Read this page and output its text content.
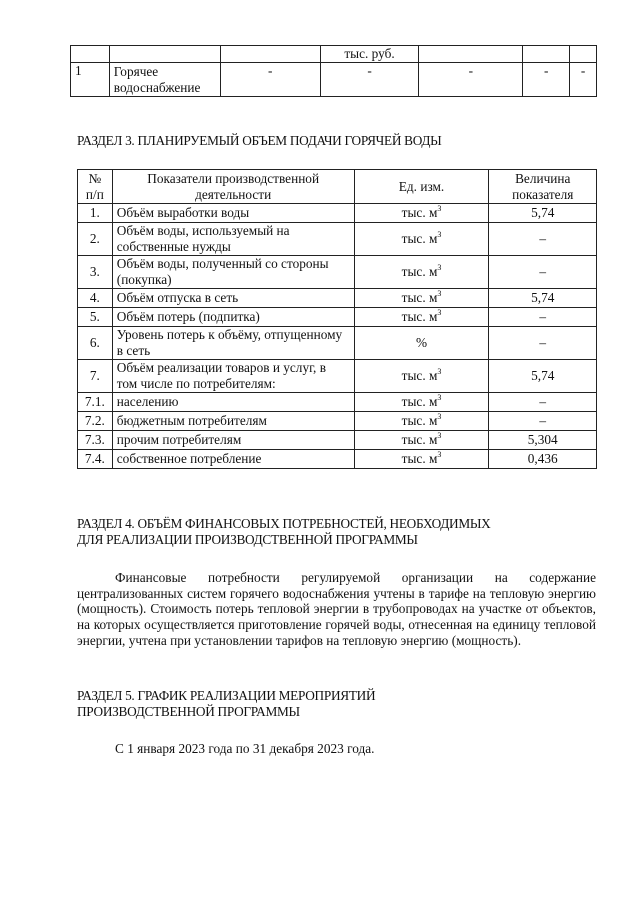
			тыс. руб.			
1	Горячее водоснабжение	-	-	-	-	-
РАЗДЕЛ 3. ПЛАНИРУЕМЫЙ ОБЪЕМ ПОДАЧИ ГОРЯЧЕЙ ВОДЫ
№ п/п	Показатели производственной деятельности	Ед. изм.	Величина показателя
1.	Объём выработки воды	тыс. $м^3$	5,74
2.	Объём воды, используемый на собственные нужды	тыс. $м^3$	–
3.	Объём воды, полученный со стороны (покупка)	тыс. $м^3$	–
4.	Объём отпуска в сеть	тыс. $м^3$	5,74
5.	Объём потерь (подпитка)	тыс. $м^3$	–
6.	Уровень потерь к объёму, отпущенному в сеть	%	–
7.	Объём реализации товаров и услуг, в том числе по потребителям:	тыс. $м^3$	5,74
7.1.	населению	тыс. $м^3$	–
7.2.	бюджетным потребителям	тыс. $м^3$	–
7.3.	прочим потребителям	тыс. $м^3$	5,304
7.4.	собственное потребление	тыс. $м^3$	0,436
РАЗДЕЛ 4. ОБЪЁМ ФИНАНСОВЫХ ПОТРЕБНОСТЕЙ, НЕОБХОДИМЫХ
ДЛЯ РЕАЛИЗАЦИИ ПРОИЗВОДСТВЕННОЙ ПРОГРАММЫ
Финансовые потребности регулируемой организации на содержание централизованных систем горячего водоснабжения учтены в тарифе на тепловую энергию (мощность). Стоимость потерь тепловой энергии в трубопроводах на участке от объектов, на которых осуществляется приготовление горячей воды, отнесенная на единицу тепловой энергии, учтена при установлении тарифов на тепловую энергию (мощность).
РАЗДЕЛ 5. ГРАФИК РЕАЛИЗАЦИИ МЕРОПРИЯТИЙ
ПРОИЗВОДСТВЕННОЙ ПРОГРАММЫ
С 1 января 2023 года по 31 декабря 2023 года.
